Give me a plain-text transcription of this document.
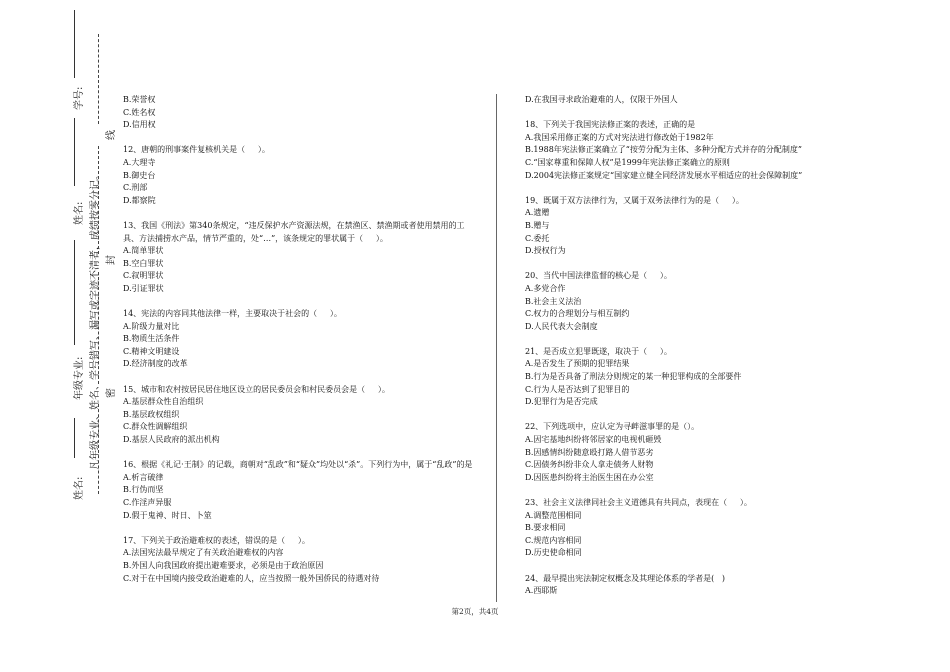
学号:
姓名:
年级专业:
姓名:
凡年级专业、姓名、学号错写、漏写或字迹不清者，成绩按零分记。 密
封
线
B.荣誉权
C.姓名权
D.信用权
12、唐朝的刑事案件复核机关是（     ）。
A.大理寺
B.御史台
C.刑部
D.都察院
13、我国《刑法》第340条规定，“违反保护水产资源法规，在禁渔区、禁渔期或者使用禁用的工具、方法捕捞水产品，情节严重的，处“…”，该条规定的罪状属于（     ）。
A.简单罪状
B.空白罪状
C.叙明罪状
D.引证罪状
14、宪法的内容同其他法律一样，主要取决于社会的（     ）。
A.阶级力量对比
B.物质生活条件
C.精神文明建设
D.经济制度的改革
15、城市和农村按居民居住地区设立的居民委员会和村民委员会是（     ）。
A.基层群众性自治组织
B.基层政权组织
C.群众性调解组织
D.基层人民政府的派出机构
16、根据《礼记·王制》的记载，商朝对“乱政”和“疑众”均处以“杀”。下列行为中，属于“乱政”的是
A.析言破律
B.行伪而坚
C.作淫声异服
D.假于鬼神、时日、卜筮
17、下列关于政治避难权的表述，错误的是（     ）。
A.法国宪法最早规定了有关政治避难权的内容
B.外国人向我国政府提出避难要求，必须是由于政治原因
C.对于在中国境内接受政治避难的人，应当按照一般外国侨民的待遇对待
D.在我国寻求政治避难的人，仅限于外国人
18、下列关于我国宪法修正案的表述，正确的是
A.我国采用修正案的方式对宪法进行修改始于1982年
B.1988年宪法修正案确立了“按劳分配为主体、多种分配方式并存的分配制度”
C.“国家尊重和保障人权”是1999年宪法修正案确立的原则
D.2004宪法修正案规定“国家建立健全同经济发展水平相适应的社会保障制度”
19、既属于双方法律行为，又属于双务法律行为的是（     ）。
A.遗赠
B.赠与
C.委托
D.授权行为
20、当代中国法律监督的核心是（     ）。
A.多党合作
B.社会主义法治
C.权力的合理划分与相互制约
D.人民代表大会制度
21、是否成立犯罪既遂，取决于（     ）。
A.是否发生了预期的犯罪结果
B.行为是否具备了刑法分则规定的某一种犯罪构成的全部要件
C.行为人是否达到了犯罪目的
D.犯罪行为是否完成
22、下列选项中，应认定为寻衅滋事罪的是（）。
A.因宅基地纠纷将邻居家的电视机砸毁
B.因感情纠纷随意殴打路人借节恶劣
C.因债务纠纷非众人拿走债务人财物
D.因医患纠纷将主治医生困在办公室
23、社会主义法律同社会主义道德具有共同点，表现在（     ）。
A.调整范围相同
B.要求相同
C.规范内容相同
D.历史使命相同
24、最早提出宪法制定权概念及其理论体系的学者是(   )
A.西耶斯
第2页，共4页
